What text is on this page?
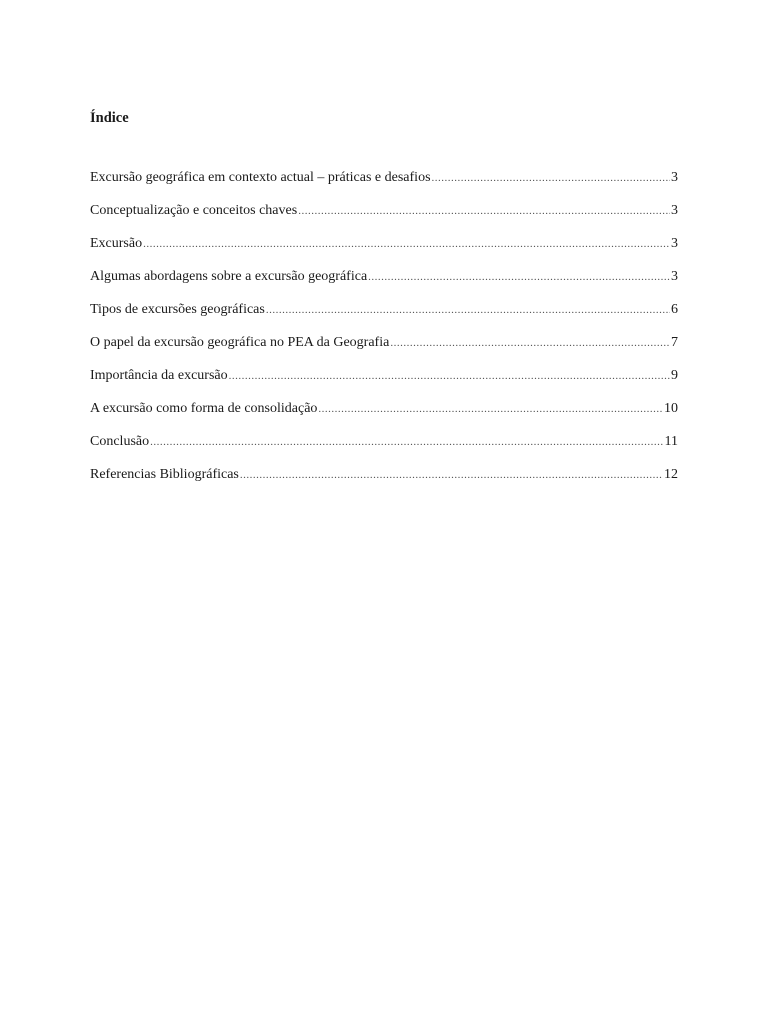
Índice
Excursão geográfica em contexto actual – práticas e desafios .....	3
Conceptualização e conceitos chaves .....	3
Excursão .....	3
Algumas abordagens sobre a excursão geográfica .....	3
Tipos de excursões geográficas .....	6
O papel da excursão geográfica no PEA da Geografia .....	7
Importância da excursão .....	9
A excursão como forma de consolidação .....	10
Conclusão .....	11
Referencias Bibliográficas .....	12
